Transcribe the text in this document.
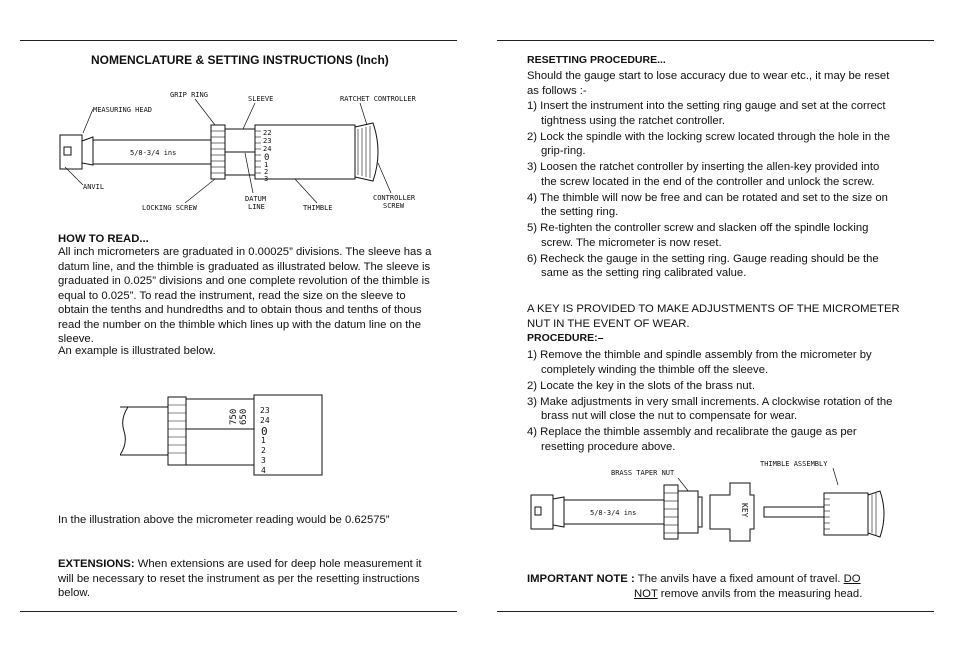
NOMENCLATURE & SETTING INSTRUCTIONS (Inch)
5/8-3/4 ins
22
23
24
0
1
2
3
MEASURING HEAD
GRIP RING	SLEEVE	RATCHET CONTROLLER
ANVIL
LOCKING SCREW
DATUM
LINE	THIMBLE
CONTROLLER
SCREW
HOW TO READ...
All inch micrometers are graduated in 0.00025” divisions. The sleeve has a datum line, and the thimble is graduated as illustrated below. The sleeve is graduated in 0.025” divisions and one complete revolution of the thimble is equal to 0.025”. To read the instrument, read the size on the sleeve to obtain the tenths and hundredths and to obtain thous and tenths of thous read the number on the thimble which lines up with the datum line on the sleeve.
An example is illustrated below.
750 650 23
24
0
1
2
3
4
In the illustration above the micrometer reading would be 0.62575”
EXTENSIONS: When extensions are used for deep hole measurement it will be necessary to reset the instrument as per the resetting instructions below.
RESETTING PROCEDURE...
Should the gauge start to lose accuracy due to wear etc., it may be reset as follows :-
1) Insert the instrument into the setting ring gauge and set at the correct tightness using the ratchet controller.
2) Lock the spindle with the locking screw located through the hole in the grip-ring.
3) Loosen the ratchet controller by inserting the allen-key provided into the screw located in the end of the controller and unlock the screw.
4) The thimble will now be free and can be rotated and set to the size on the setting ring.
5) Re-tighten the controller screw and slacken off the spindle locking screw. The micrometer is now reset.
6) Recheck the gauge in the setting ring. Gauge reading should be the same as the setting ring calibrated value.
A KEY IS PROVIDED TO MAKE ADJUSTMENTS OF THE MICROMETER NUT IN THE EVENT OF WEAR.
PROCEDURE:–
1) Remove the thimble and spindle assembly from the micrometer by completely winding the thimble off the sleeve.
2) Locate the key in the slots of the brass nut.
3) Make adjustments in very small increments. A clockwise rotation of the brass nut will close the nut to compensate for wear.
4) Replace the thimble assembly and recalibrate the gauge as per resetting procedure above.
BRASS TAPER NUT
THIMBLE ASSEMBLY
5/8-3/4 ins	KEY
IMPORTANT NOTE : The anvils have a fixed amount of travel. DO
NOT remove anvils from the measuring head.
